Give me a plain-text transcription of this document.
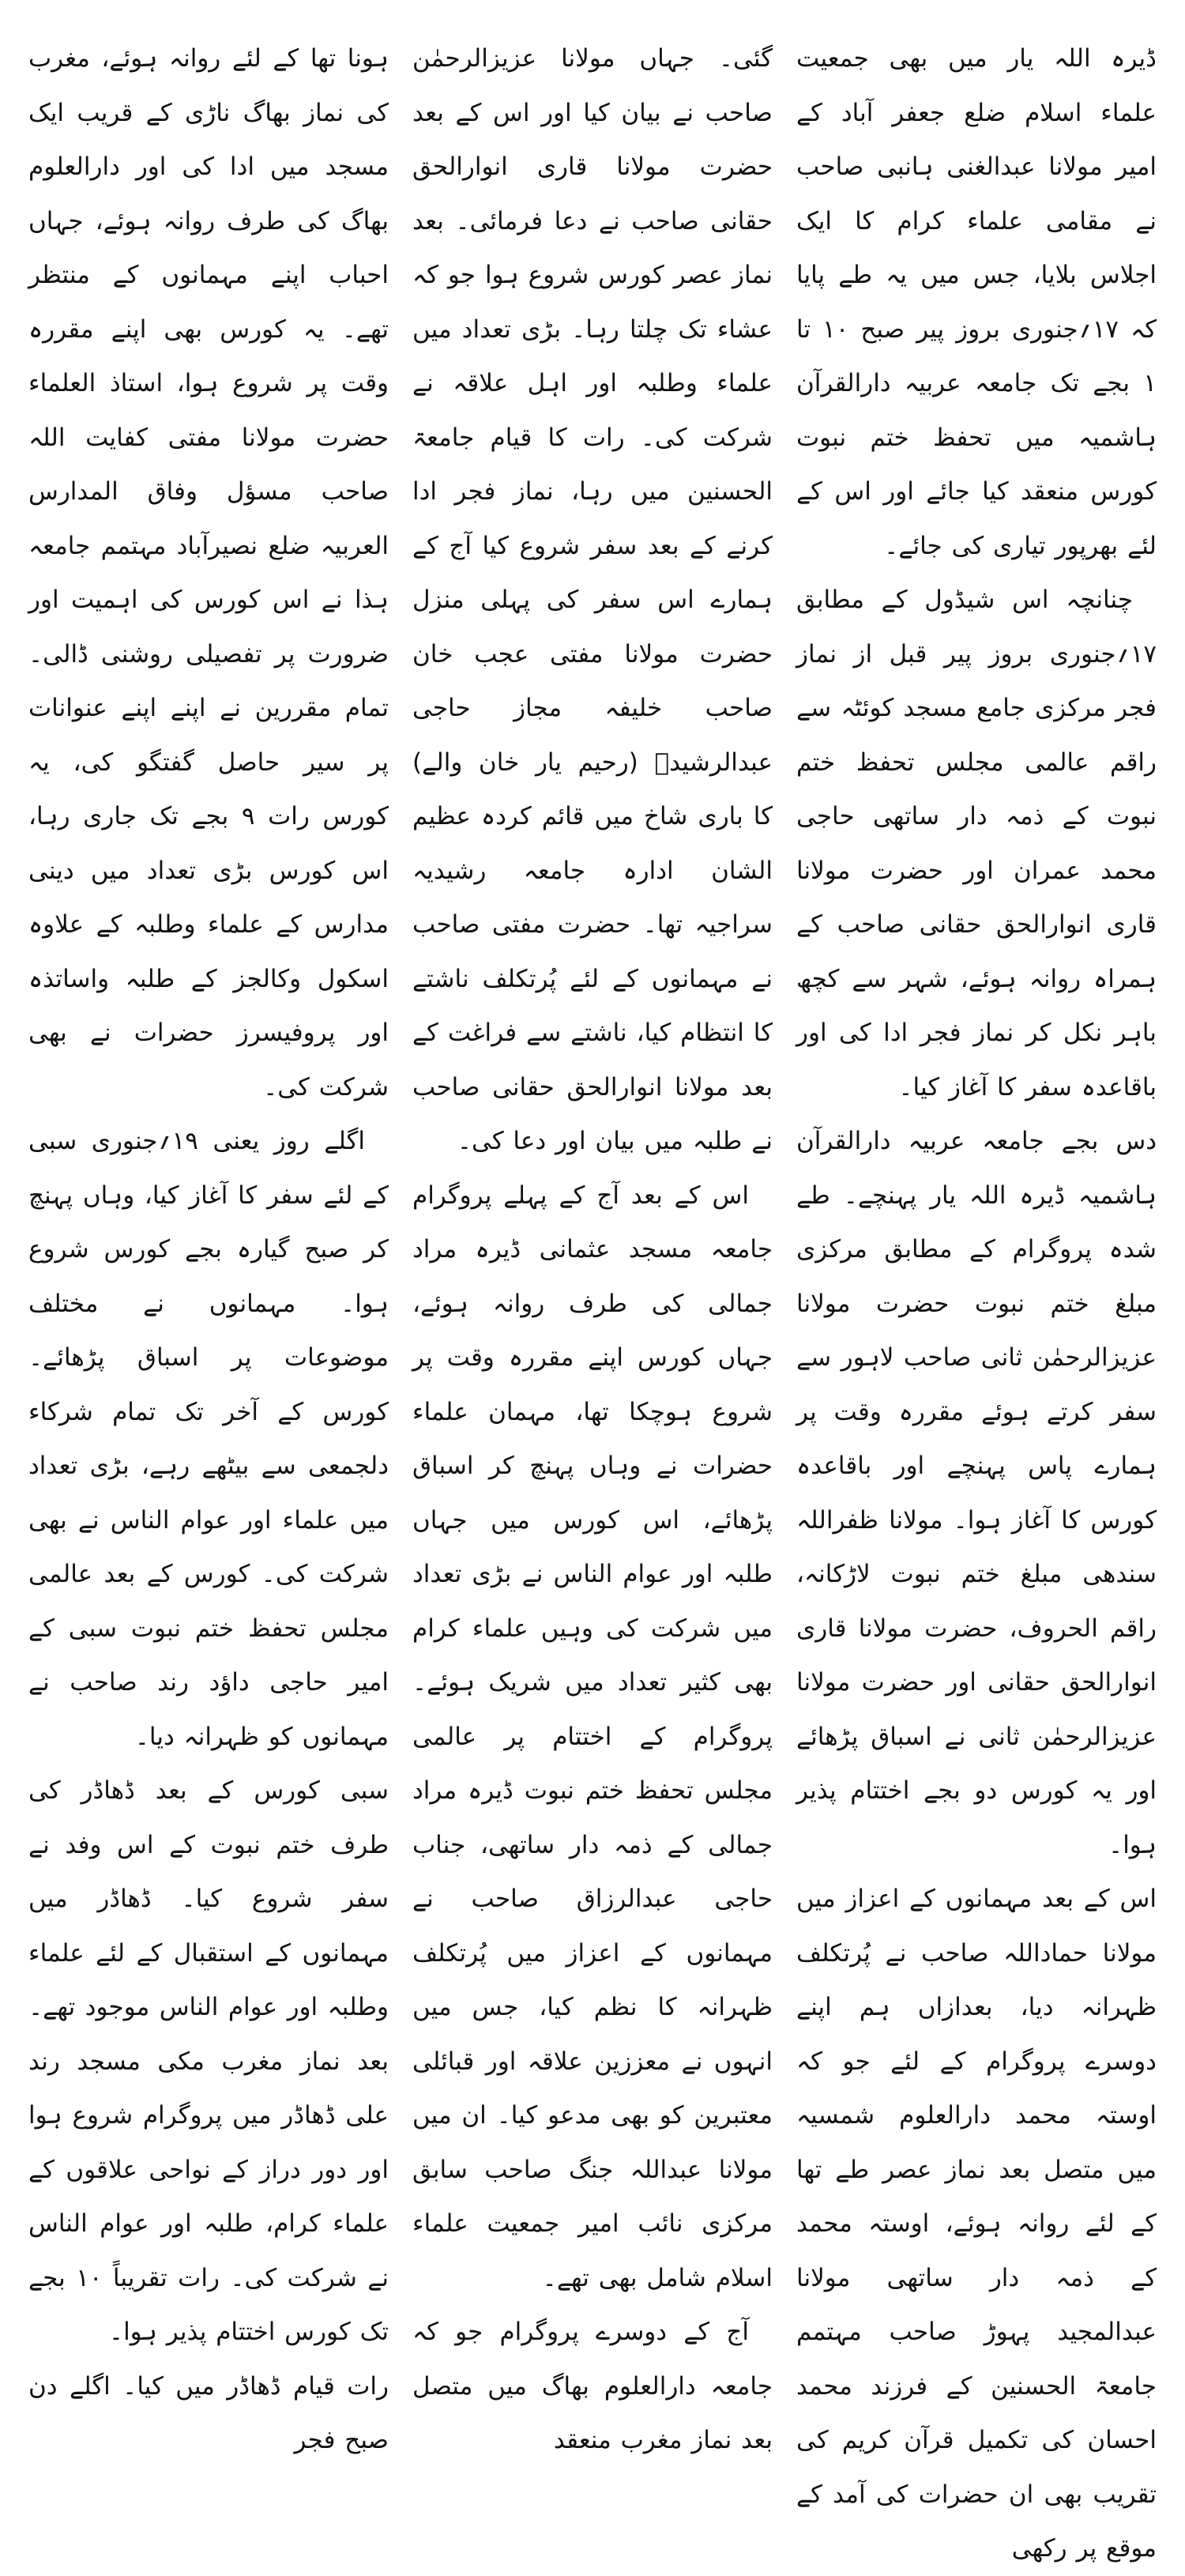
ڈیرہ اللہ یار میں بھی جمعیت علماء اسلام ضلع جعفر آباد کے امیر مولانا عبدالغنی ہانبی صاحب نے مقامی علماء کرام کا ایک اجلاس بلایا، جس میں یہ طے پایا کہ ۱۷؍جنوری بروز پیر صبح ۱۰ تا ۱ بجے تک جامعہ عربیہ دارالقرآن ہاشمیہ میں تحفظ ختم نبوت کورس منعقد کیا جائے اور اس کے لئے بھرپور تیاری کی جائے۔

چنانچہ اس شیڈول کے مطابق ۱۷؍جنوری بروز پیر قبل از نماز فجر مرکزی جامع مسجد کوئٹہ سے راقم عالمی مجلس تحفظ ختم نبوت کے ذمہ دار ساتھی حاجی محمد عمران اور حضرت مولانا قاری انوارالحق حقانی صاحب کے ہمراہ روانہ ہوئے، شہر سے کچھ باہر نکل کر نماز فجر ادا کی اور باقاعدہ سفر کا آغاز کیا۔

دس بجے جامعہ عربیہ دارالقرآن ہاشمیہ ڈیرہ اللہ یار پہنچے۔ طے شدہ پروگرام کے مطابق مرکزی مبلغ ختم نبوت حضرت مولانا عزیزالرحمٰن ثانی صاحب لاہور سے سفر کرتے ہوئے مقررہ وقت پر ہمارے پاس پہنچے اور باقاعدہ کورس کا آغاز ہوا۔ مولانا ظفراللہ سندھی مبلغ ختم نبوت لاڑکانہ، راقم الحروف، حضرت مولانا قاری انوارالحق حقانی اور حضرت مولانا عزیزالرحمٰن ثانی نے اسباق پڑھائے اور یہ کورس دو بجے اختتام پذیر ہوا۔

اس کے بعد مہمانوں کے اعزاز میں مولانا حماداللہ صاحب نے پُرتکلف ظہرانہ دیا، بعدازاں ہم اپنے دوسرے پروگرام کے لئے جو کہ اوستہ محمد دارالعلوم شمسیہ میں متصل بعد نماز عصر طے تھا کے لئے روانہ ہوئے، اوستہ محمد کے ذمہ دار ساتھی مولانا عبدالمجید پہوڑ صاحب مہتمم جامعۃ الحسنین کے فرزند محمد احسان کی تکمیل قرآن کریم کی تقریب بھی ان حضرات کی آمد کے موقع پر رکھی

گئی۔ جہاں مولانا عزیزالرحمٰن صاحب نے بیان کیا اور اس کے بعد حضرت مولانا قاری انوارالحق حقانی صاحب نے دعا فرمائی۔ بعد نماز عصر کورس شروع ہوا جو کہ عشاء تک چلتا رہا۔ بڑی تعداد میں علماء وطلبہ اور اہل علاقہ نے شرکت کی۔ رات کا قیام جامعۃ الحسنین میں رہا، نماز فجر ادا کرنے کے بعد سفر شروع کیا آج کے ہمارے اس سفر کی پہلی منزل حضرت مولانا مفتی عجب خان صاحب خلیفہ مجاز حاجی عبدالرشیدؒ (رحیم یار خان والے) کا باری شاخ میں قائم کردہ عظیم الشان ادارہ جامعہ رشیدیہ سراجیہ تھا۔ حضرت مفتی صاحب نے مہمانوں کے لئے پُرتکلف ناشتے کا انتظام کیا، ناشتے سے فراغت کے بعد مولانا انوارالحق حقانی صاحب نے طلبہ میں بیان اور دعا کی۔

اس کے بعد آج کے پہلے پروگرام جامعہ مسجد عثمانی ڈیرہ مراد جمالی کی طرف روانہ ہوئے، جہاں کورس اپنے مقررہ وقت پر شروع ہوچکا تھا، مہمان علماء حضرات نے وہاں پہنچ کر اسباق پڑھائے، اس کورس میں جہاں طلبہ اور عوام الناس نے بڑی تعداد میں شرکت کی وہیں علماء کرام بھی کثیر تعداد میں شریک ہوئے۔ پروگرام کے اختتام پر عالمی مجلس تحفظ ختم نبوت ڈیرہ مراد جمالی کے ذمہ دار ساتھی، جناب حاجی عبدالرزاق صاحب نے مہمانوں کے اعزاز میں پُرتکلف ظہرانہ کا نظم کیا، جس میں انہوں نے معززین علاقہ اور قبائلی معتبرین کو بھی مدعو کیا۔ ان میں مولانا عبداللہ جنگ صاحب سابق مرکزی نائب امیر جمعیت علماء اسلام شامل بھی تھے۔

آج کے دوسرے پروگرام جو کہ جامعہ دارالعلوم بھاگ میں متصل بعد نماز مغرب منعقد

ہونا تھا کے لئے روانہ ہوئے، مغرب کی نماز بھاگ ناڑی کے قریب ایک مسجد میں ادا کی اور دارالعلوم بھاگ کی طرف روانہ ہوئے، جہاں احباب اپنے مہمانوں کے منتظر تھے۔ یہ کورس بھی اپنے مقررہ وقت پر شروع ہوا، استاذ العلماء حضرت مولانا مفتی کفایت اللہ صاحب مسؤل وفاق المدارس العربیہ ضلع نصیرآباد مہتمم جامعہ ہذا نے اس کورس کی اہمیت اور ضرورت پر تفصیلی روشنی ڈالی۔ تمام مقررین نے اپنے اپنے عنوانات پر سیر حاصل گفتگو کی، یہ کورس رات ۹ بجے تک جاری رہا، اس کورس بڑی تعداد میں دینی مدارس کے علماء وطلبہ کے علاوہ اسکول وکالجز کے طلبہ واساتذہ اور پروفیسرز حضرات نے بھی شرکت کی۔

اگلے روز یعنی ۱۹؍جنوری سبی کے لئے سفر کا آغاز کیا، وہاں پہنچ کر صبح گیارہ بجے کورس شروع ہوا۔ مہمانوں نے مختلف موضوعات پر اسباق پڑھائے۔ کورس کے آخر تک تمام شرکاء دلجمعی سے بیٹھے رہے، بڑی تعداد میں علماء اور عوام الناس نے بھی شرکت کی۔ کورس کے بعد عالمی مجلس تحفظ ختم نبوت سبی کے امیر حاجی داؤد رند صاحب نے مہمانوں کو ظہرانہ دیا۔

سبی کورس کے بعد ڈھاڈر کی طرف ختم نبوت کے اس وفد نے سفر شروع کیا۔ ڈھاڈر میں مہمانوں کے استقبال کے لئے علماء وطلبہ اور عوام الناس موجود تھے۔ بعد نماز مغرب مکی مسجد رند علی ڈھاڈر میں پروگرام شروع ہوا اور دور دراز کے نواحی علاقوں کے علماء کرام، طلبہ اور عوام الناس نے شرکت کی۔ رات تقریباً ۱۰ بجے تک کورس اختتام پذیر ہوا۔

رات قیام ڈھاڈر میں کیا۔ اگلے دن صبح فجر
